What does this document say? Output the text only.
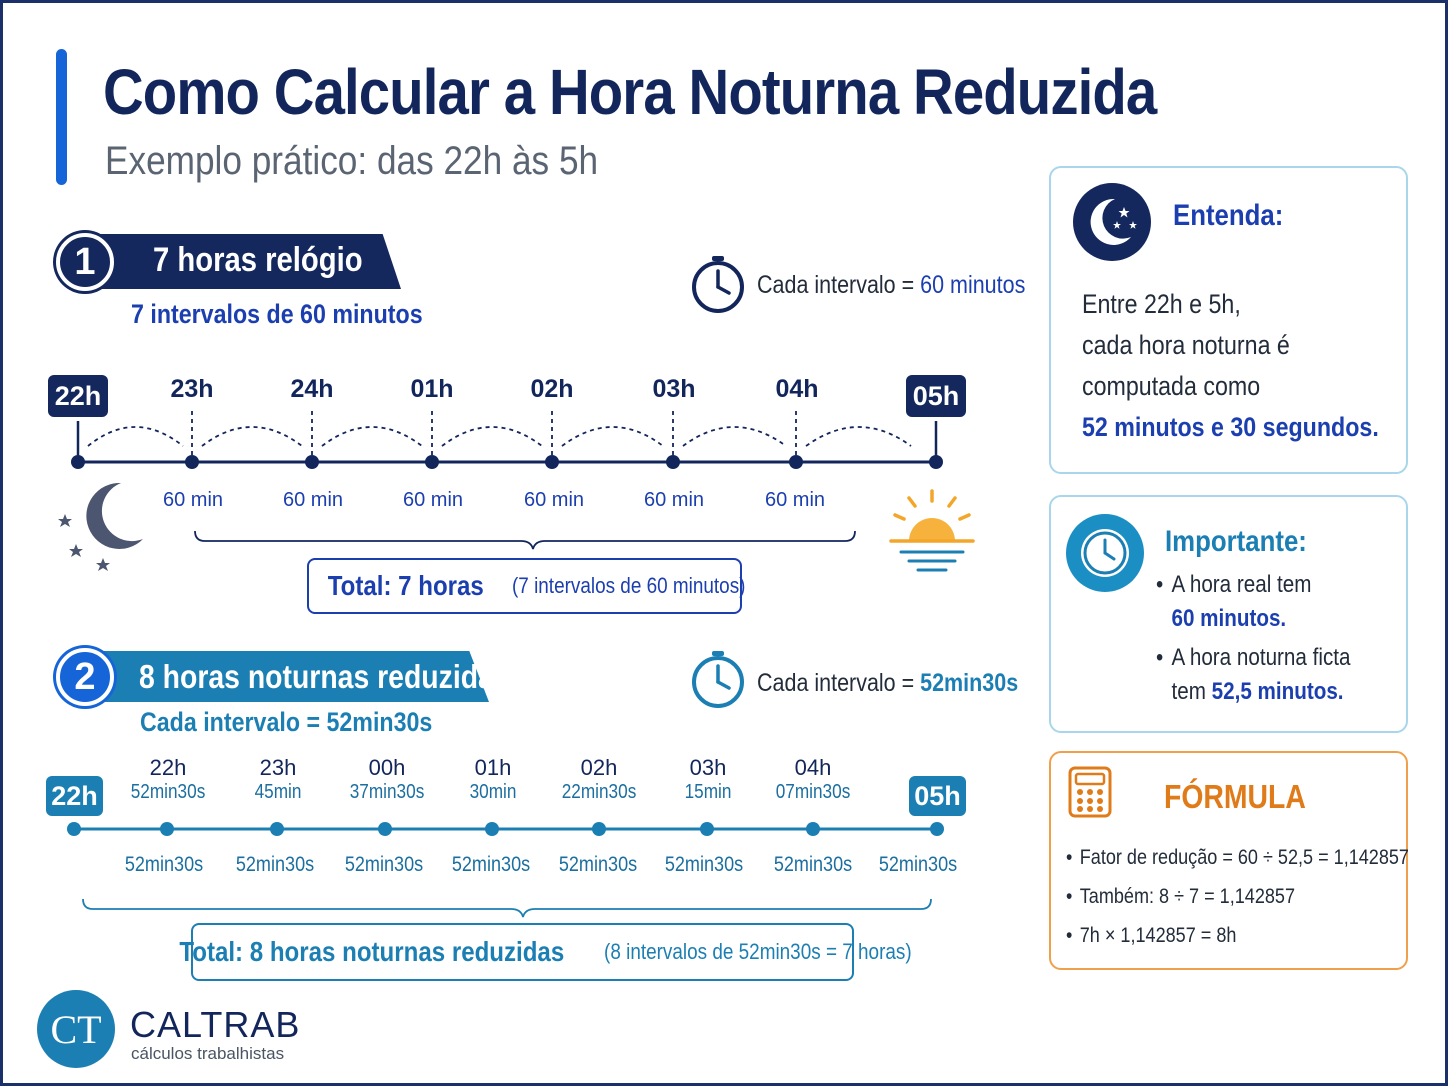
Como Calcular a Hora Noturna Reduzida
Exemplo prático: das 22h às 5h
1	7 horas relógio
7 intervalos de 60 minutos
Cada intervalo = 60 minutos
22h	05h
23h	24h	01h	02h	03h	04h
60 min	60 min	60 min	60 min	60 min	60 min
Total: 7 horas (7 intervalos de 60 minutos)
2	8 horas noturnas reduzidas
Cada intervalo = 52min30s
Cada intervalo = 52min30s
22h	05h
22h
52min30s
23h
45min
00h
37min30s
01h
30min
02h
22min30s
03h
15min
04h
07min30s
52min30s 52min30s 52min30s 52min30s 52min30s 52min30s 52min30s 52min30s
Total: 8 horas noturnas reduzidas (8 intervalos de 52min30s = 7 horas)
CT CALTRAB
cálculos trabalhistas
Entenda:
Entre 22h e 5h,
cada hora noturna é
computada como
52 minutos e 30 segundos.
Importante:
• A hora real tem
60 minutos.
• A hora noturna ficta
tem 52,5 minutos.
FÓRMULA
• Fator de redução = 60 ÷ 52,5 = 1,142857
• Também: 8 ÷ 7 = 1,142857
• 7h × 1,142857 = 8h
